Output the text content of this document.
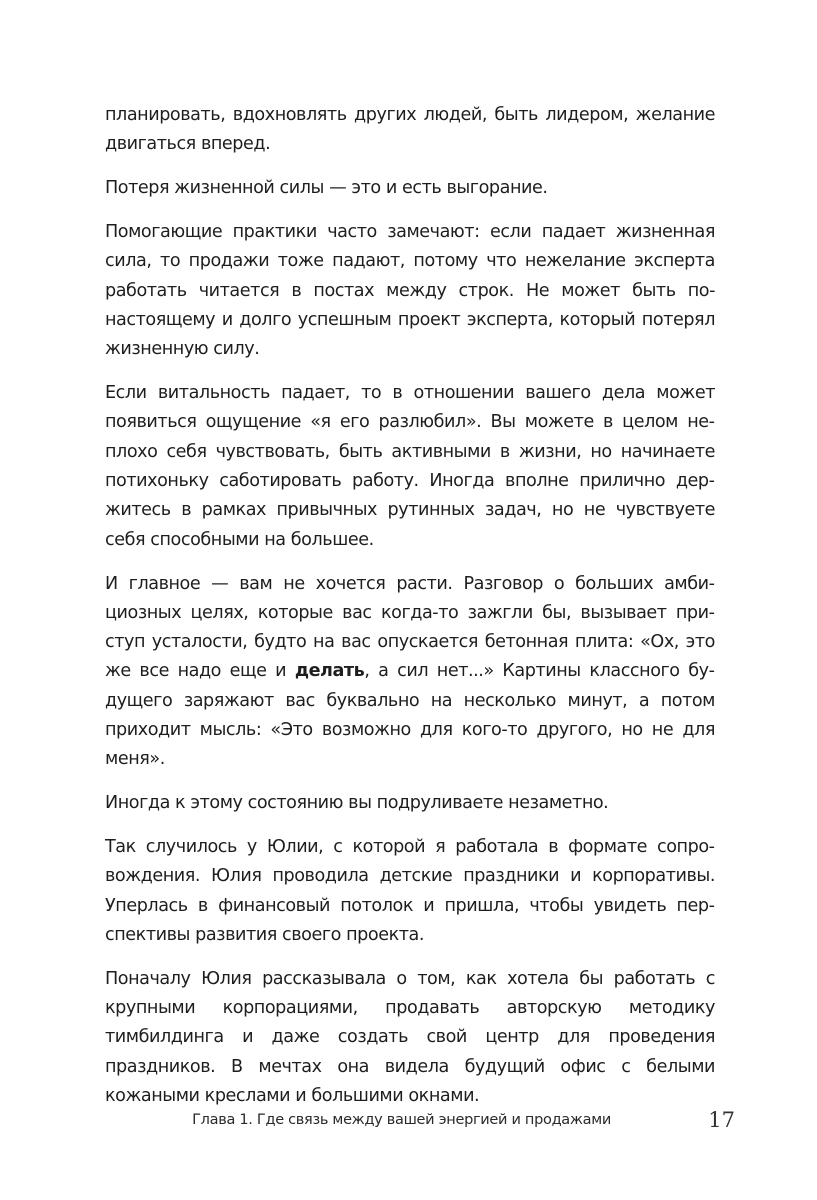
планировать, вдохновлять других людей, быть лидером, желание двигаться вперед.

Потеря жизненной силы — это и есть выгорание.

Помогающие практики часто замечают: если падает жизненная сила, то продажи тоже падают, потому что нежелание эксперта работать читается в постах между строк. Не может быть по-настоящему и долго успешным проект эксперта, который потерял жизненную силу.

Если витальность падает, то в отношении вашего дела может появиться ощущение «я его разлюбил». Вы можете в целом неплохо себя чувствовать, быть активными в жизни, но начинаете потихоньку саботировать работу. Иногда вполне прилично держитесь в рамках привычных рутинных задач, но не чувствуете себя способными на большее.

И главное — вам не хочется расти. Разговор о больших амбициозных целях, которые вас когда-то зажгли бы, вызывает приступ усталости, будто на вас опускается бетонная плита: «Ох, это же все надо еще и делать, а сил нет...» Картины классного будущего заряжают вас буквально на несколько минут, а потом приходит мысль: «Это возможно для кого-то другого, но не для меня».

Иногда к этому состоянию вы подруливаете незаметно.

Так случилось у Юлии, с которой я работала в формате сопровождения. Юлия проводила детские праздники и корпоративы. Уперлась в финансовый потолок и пришла, чтобы увидеть перспективы развития своего проекта.

Поначалу Юлия рассказывала о том, как хотела бы работать с крупными корпорациями, продавать авторскую методику тимбилдинга и даже создать свой центр для проведения праздников. В мечтах она видела будущий офис с белыми кожаными креслами и большими окнами.

Глава 1. Где связь между вашей энергией и продажами	17
